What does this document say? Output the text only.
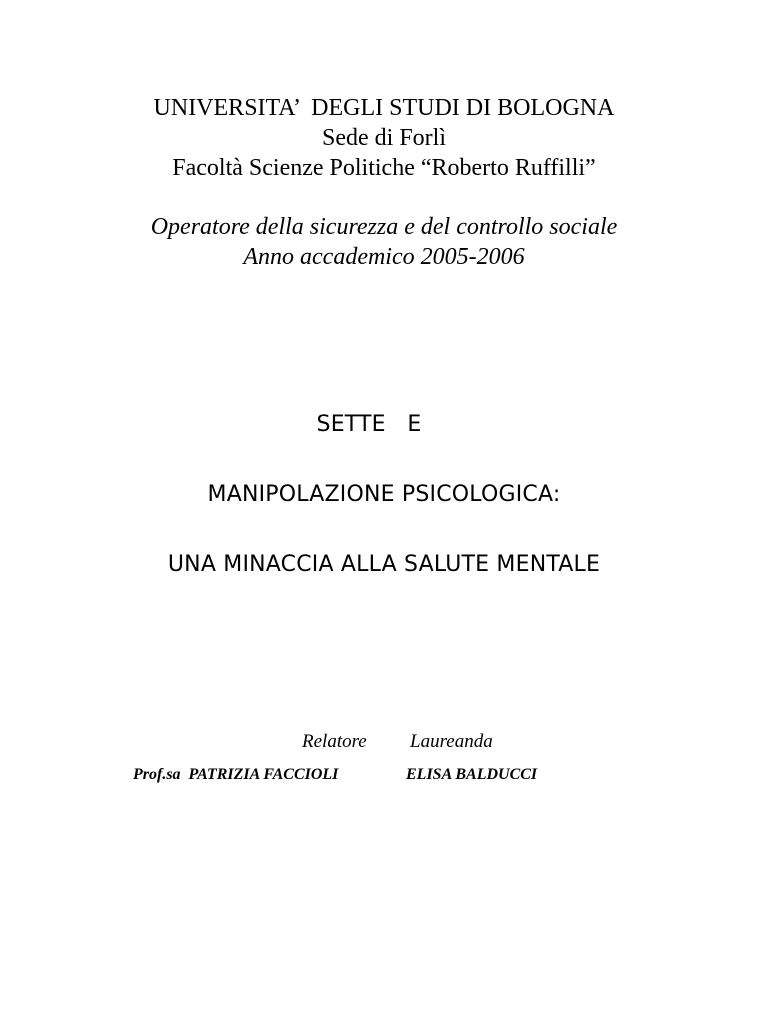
UNIVERSITA’  DEGLI STUDI DI BOLOGNA
Sede di Forlì
Facoltà Scienze Politiche “Roberto Ruffilli”
Operatore della sicurezza e del controllo sociale
Anno accademico 2005-2006
SETTE   E
MANIPOLAZIONE PSICOLOGICA:
UNA MINACCIA ALLA SALUTE MENTALE
Relatore Laureanda
Prof.sa  PATRIZIA FACCIOLI	ELISA BALDUCCI
